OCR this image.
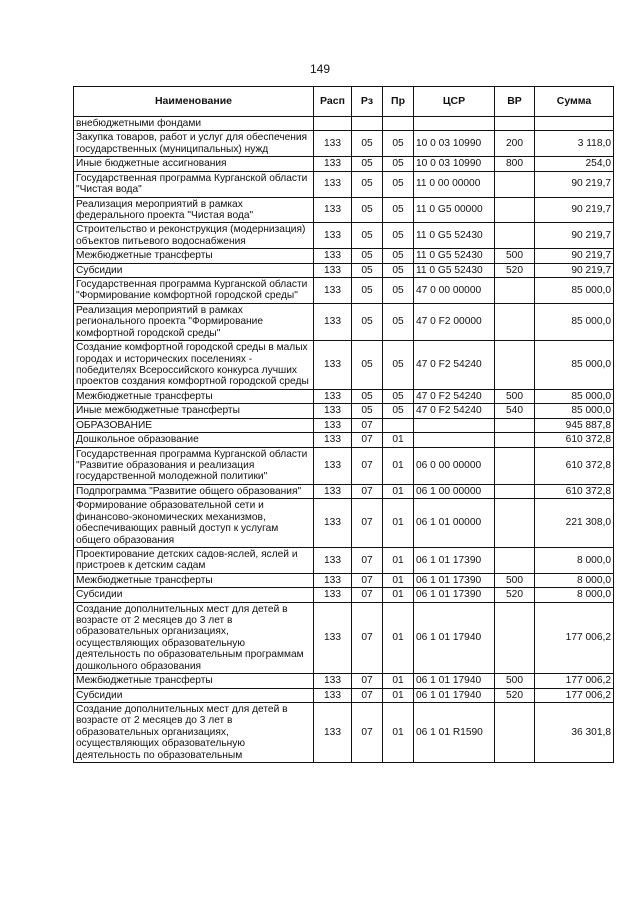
149
Наименование	Расп	Рз	Пр	ЦСР	ВР	Сумма
внебюджетными фондами						
Закупка товаров, работ и услуг для обеспечения государственных (муниципальных) нужд	133	05	05	10 0 03 10990	200	3 118,0
Иные бюджетные ассигнования	133	05	05	10 0 03 10990	800	254,0
Государственная программа Курганской области "Чистая вода"	133	05	05	11 0 00 00000		90 219,7
Реализация мероприятий в рамках федерального проекта "Чистая вода"	133	05	05	11 0 G5 00000		90 219,7
Строительство и реконструкция (модернизация) объектов питьевого водоснабжения	133	05	05	11 0 G5 52430		90 219,7
Межбюджетные трансферты	133	05	05	11 0 G5 52430	500	90 219,7
Субсидии	133	05	05	11 0 G5 52430	520	90 219,7
Государственная программа Курганской области "Формирование комфортной городской среды"	133	05	05	47 0 00 00000		85 000,0
Реализация мероприятий в рамках регионального проекта "Формирование комфортной городской среды"	133	05	05	47 0 F2 00000		85 000,0
Создание комфортной городской среды в малых городах и исторических поселениях - победителях Всероссийского конкурса лучших проектов создания комфортной городской среды	133	05	05	47 0 F2 54240		85 000,0
Межбюджетные трансферты	133	05	05	47 0 F2 54240	500	85 000,0
Иные межбюджетные трансферты	133	05	05	47 0 F2 54240	540	85 000,0
ОБРАЗОВАНИЕ	133	07				945 887,8
Дошкольное образование	133	07	01			610 372,8
Государственная программа Курганской области "Развитие образования и реализация государственной молодежной политики"	133	07	01	06 0 00 00000		610 372,8
Подпрограмма "Развитие общего образования"	133	07	01	06 1 00 00000		610 372,8
Формирование образовательной сети и финансово-экономических механизмов, обеспечивающих равный доступ к услугам общего образования	133	07	01	06 1 01 00000		221 308,0
Проектирование детских садов-яслей, яслей и пристроев к детским садам	133	07	01	06 1 01 17390		8 000,0
Межбюджетные трансферты	133	07	01	06 1 01 17390	500	8 000,0
Субсидии	133	07	01	06 1 01 17390	520	8 000,0
Создание дополнительных мест для детей в возрасте от 2 месяцев до 3 лет в образовательных организациях, осуществляющих образовательную деятельность по образовательным программам дошкольного образования	133	07	01	06 1 01 17940		177 006,2
Межбюджетные трансферты	133	07	01	06 1 01 17940	500	177 006,2
Субсидии	133	07	01	06 1 01 17940	520	177 006,2
Создание дополнительных мест для детей в возрасте от 2 месяцев до 3 лет в образовательных организациях, осуществляющих образовательную деятельность по образовательным	133	07	01	06 1 01 R1590		36 301,8
